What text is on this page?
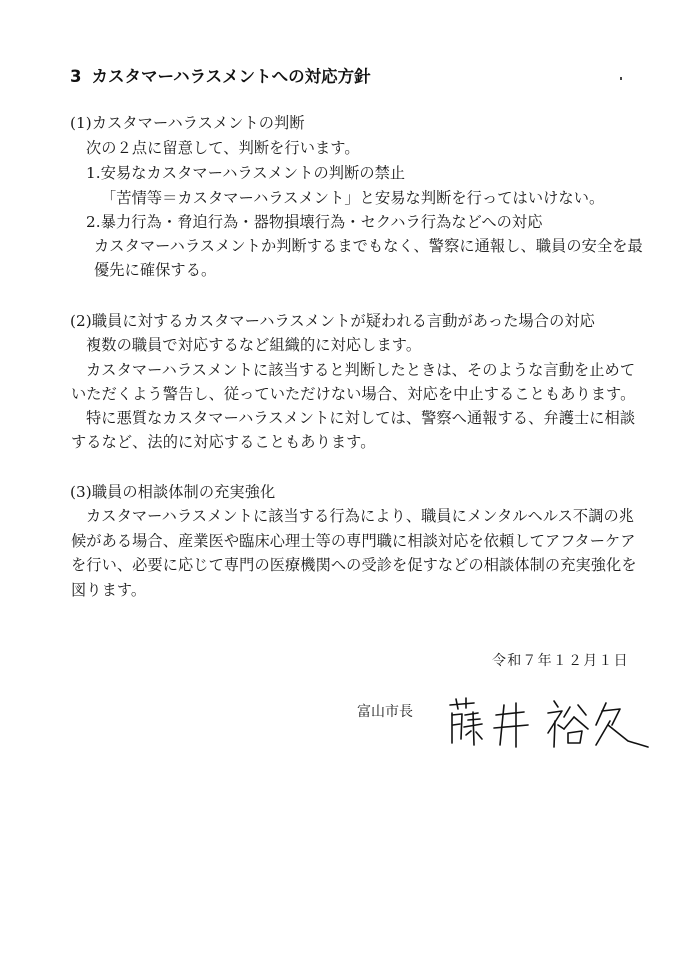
3 カスタマーハラスメントへの対応方針
(1)カスタマーハラスメントの判断
次の２点に留意して、判断を行います。
1.安易なカスタマーハラスメントの判断の禁止
「苦情等＝カスタマーハラスメント」と安易な判断を行ってはいけない。
2.暴力行為・脅迫行為・器物損壊行為・セクハラ行為などへの対応
カスタマーハラスメントか判断するまでもなく、警察に通報し、職員の安全を最
優先に確保する。
(2)職員に対するカスタマーハラスメントが疑われる言動があった場合の対応
複数の職員で対応するなど組織的に対応します。
カスタマーハラスメントに該当すると判断したときは、そのような言動を止めて
いただくよう警告し、従っていただけない場合、対応を中止することもあります。
特に悪質なカスタマーハラスメントに対しては、警察へ通報する、弁護士に相談
するなど、法的に対応することもあります。
(3)職員の相談体制の充実強化
カスタマーハラスメントに該当する行為により、職員にメンタルヘルス不調の兆
候がある場合、産業医や臨床心理士等の専門職に相談対応を依頼してアフターケア
を行い、必要に応じて専門の医療機関への受診を促すなどの相談体制の充実強化を
図ります。
令和７年１２月１日
富山市長
